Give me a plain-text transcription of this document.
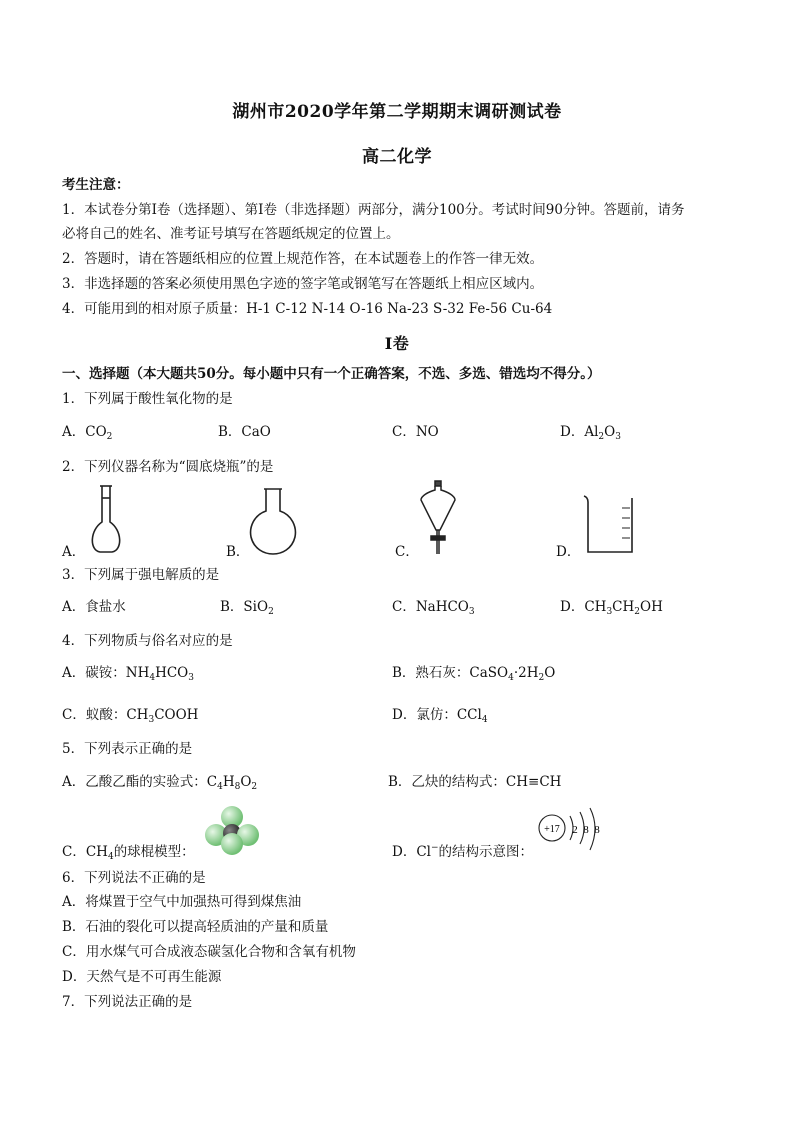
湖州市2020学年第二学期期末调研测试卷
高二化学
考生注意：
1．本试卷分第Ⅰ卷（选择题）、第Ⅰ卷（非选择题）两部分，满分100分。考试时间90分钟。答题前，请务
必将自己的姓名、准考证号填写在答题纸规定的位置上。
2．答题时，请在答题纸相应的位置上规范作答，在本试题卷上的作答一律无效。
3．非选择题的答案必须使用黑色字迹的签字笔或钢笔写在答题纸上相应区域内。
4．可能用到的相对原子质量：H-1 C-12 N-14 O-16 Na-23 S-32 Fe-56 Cu-64
Ⅰ卷
一、选择题（本大题共50分。每小题中只有一个正确答案，不选、多选、错选均不得分。）
1．下列属于酸性氧化物的是
A．$CO_2$	B．CaO	C．NO	D．$Al_2O_3$
2．下列仪器名称为“圆底烧瓶”的是
A．	B．	C．	D．
3．下列属于强电解质的是
A．食盐水	B．SiO$_2$	C．NaHCO$_3$	D．$CH_3CH_2OH$
4．下列物质与俗名对应的是
A．碳铵：$NH_4HCO_3$	B．熟石灰：$CaSO_4\cdot 2H_2O$
C．蚁酸：$CH_3COOH$	D．氯仿：CCl$_4$
5．下列表示正确的是
A．乙酸乙酯的实验式：$C_4H_8O_2$	B．乙炔的结构式：CH≡CH
C．$CH_4$的球棍模型：	D．Cl−的结构示意图：
+17 2 8 8
6．下列说法不正确的是
A．将煤置于空气中加强热可得到煤焦油
B．石油的裂化可以提高轻质油的产量和质量
C．用水煤气可合成液态碳氢化合物和含氧有机物
D．天然气是不可再生能源
7．下列说法正确的是
